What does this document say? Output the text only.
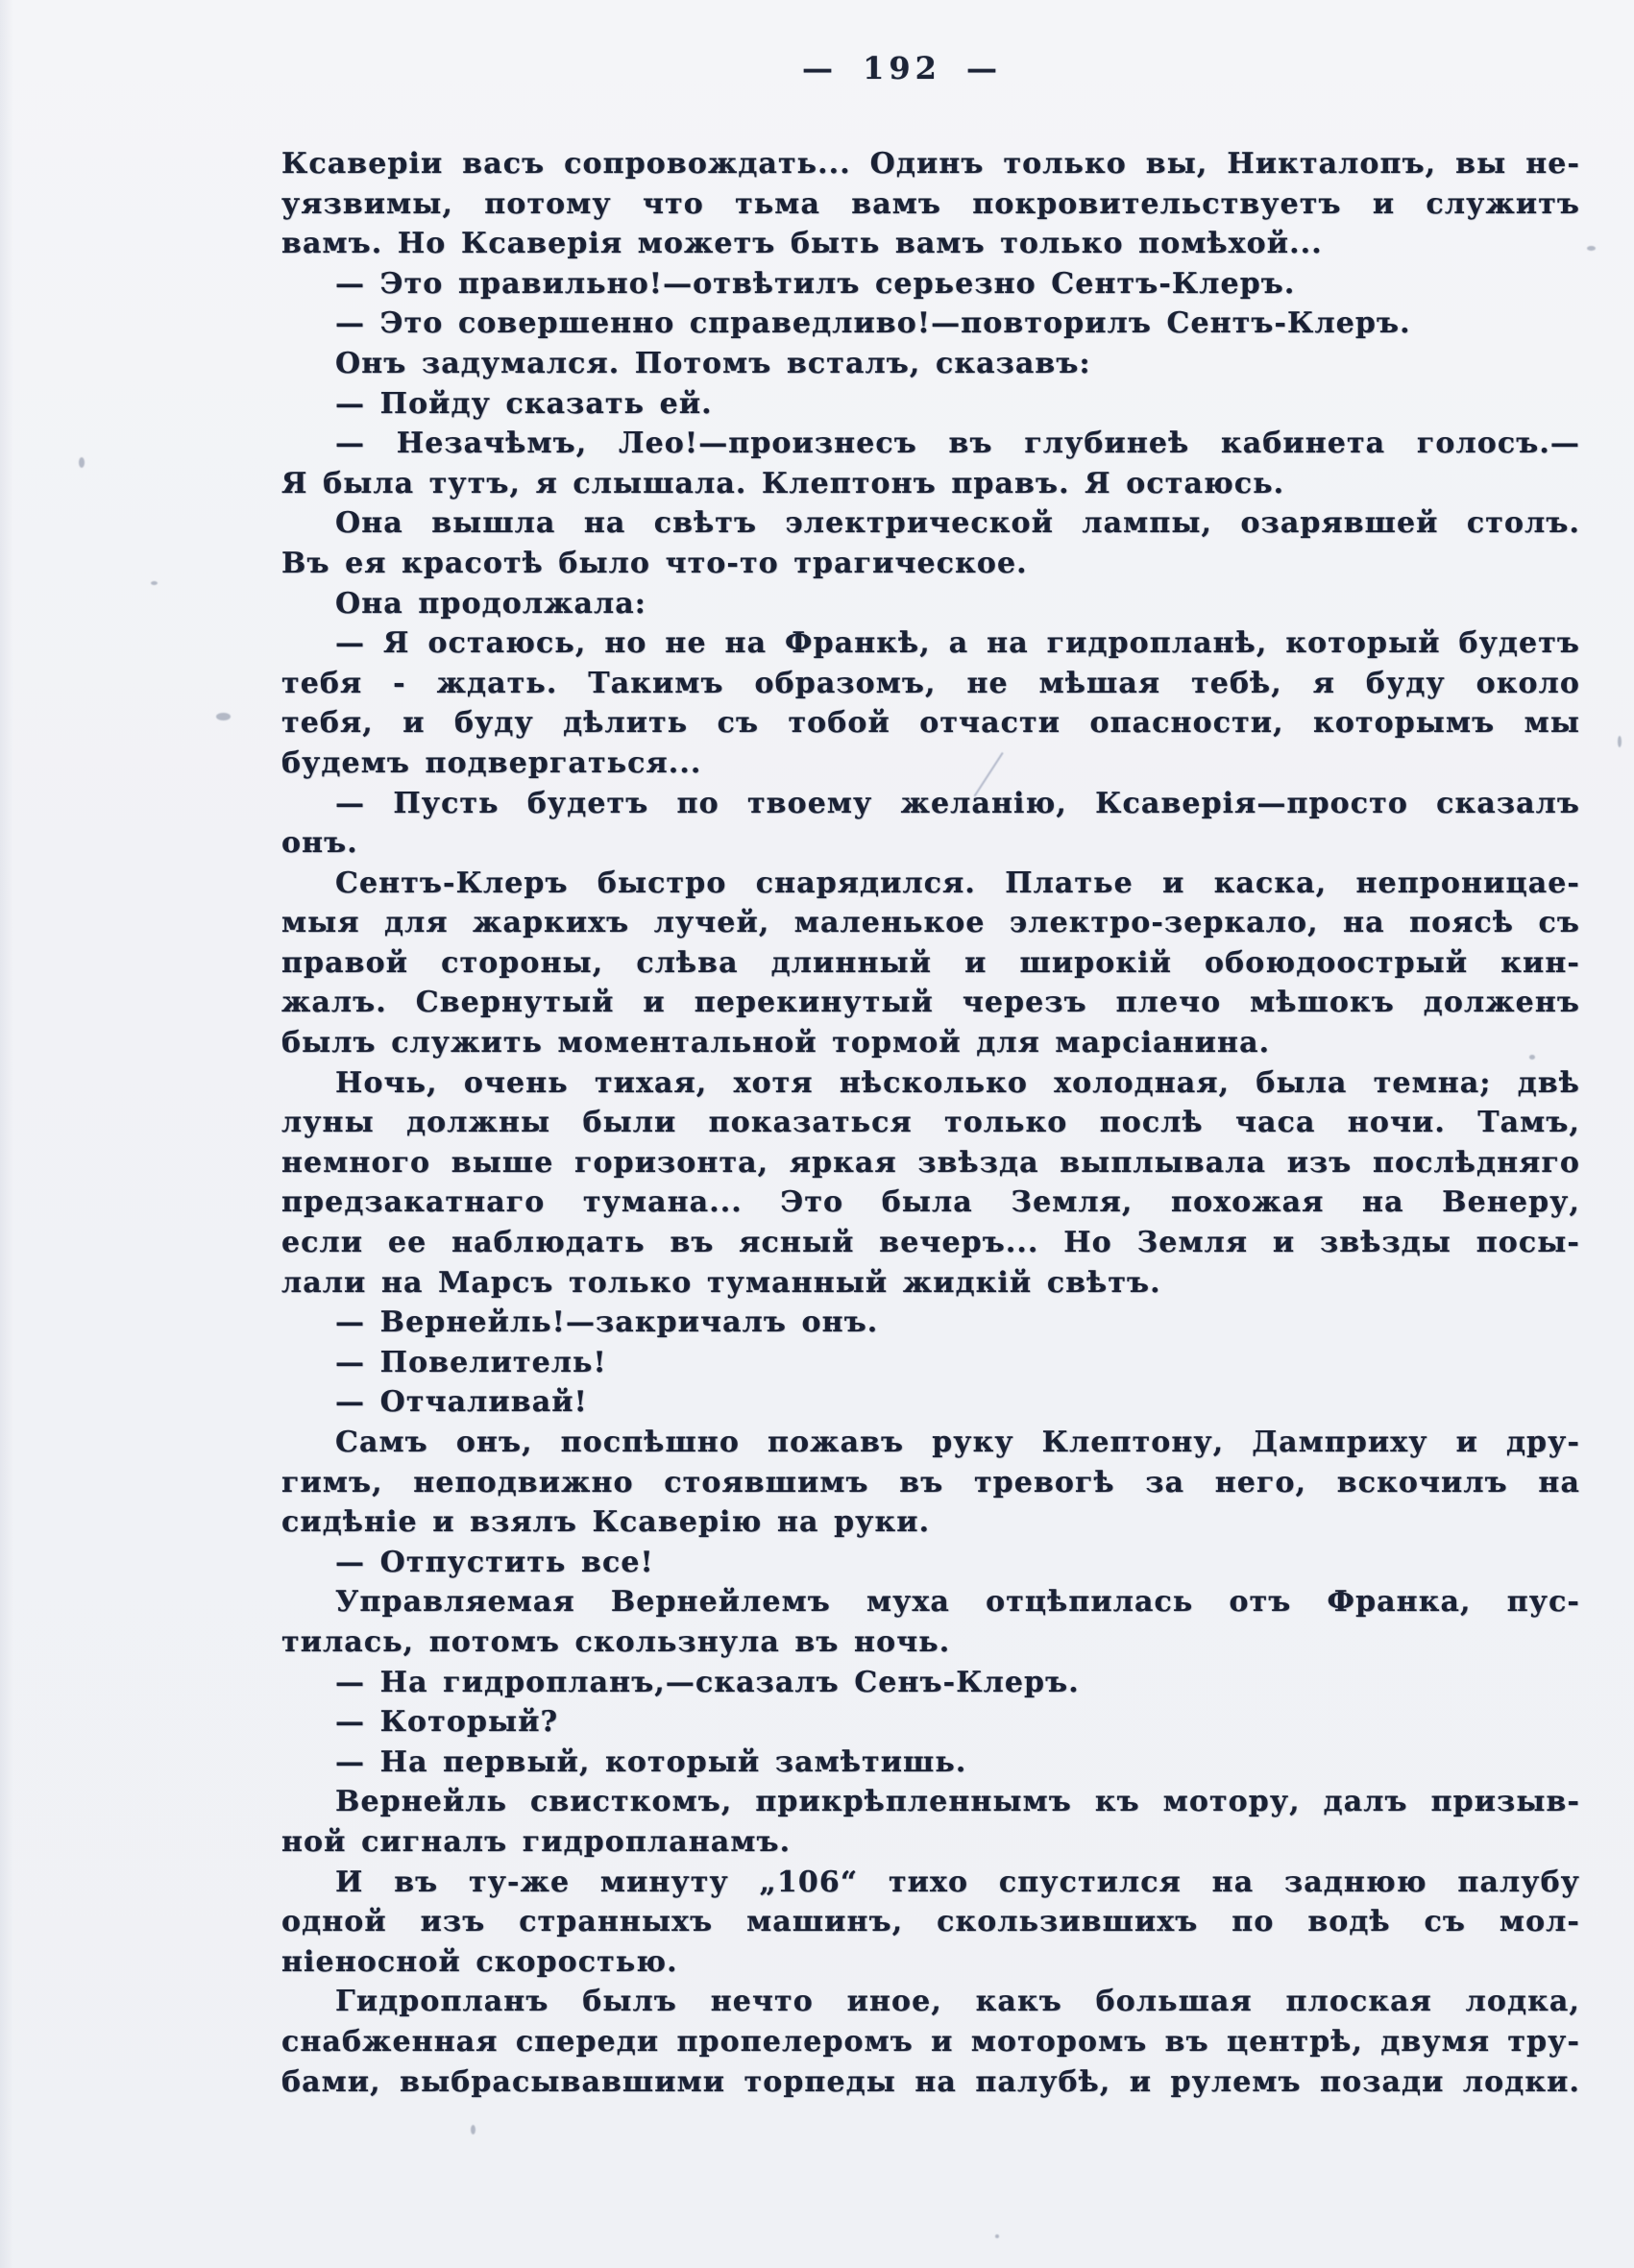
— 192 —
Ксаверіи васъ сопровождать... Одинъ только вы, Никталопъ, вы не-
уязвимы, потому что тьма вамъ покровительствуетъ и служитъ
вамъ. Но Ксаверія можетъ быть вамъ только помѣхой...
— Это правильно!—отвѣтилъ серьезно Сентъ-Клеръ.
— Это совершенно справедливо!—повторилъ Сентъ-Клеръ.
Онъ задумался. Потомъ всталъ, сказавъ:
— Пойду сказать ей.
— Незачѣмъ, Лео!—произнесъ въ глубинеѣ кабинета голосъ.—
Я была тутъ, я слышала. Клептонъ правъ. Я остаюсь.
Она вышла на свѣтъ электрической лампы, озарявшей столъ.
Въ ея красотѣ было что-то трагическое.
Она продолжала:
— Я остаюсь, но не на Франкѣ, а на гидропланѣ, который будетъ
тебя - ждать. Такимъ образомъ, не мѣшая тебѣ, я буду около
тебя, и буду дѣлить съ тобой отчасти опасности, которымъ мы
будемъ подвергаться...
— Пусть будетъ по твоему желанію, Ксаверія—просто сказалъ
онъ.
Сентъ-Клеръ быстро снарядился. Платье и каска, непроницае-
мыя для жаркихъ лучей, маленькое электро-зеркало, на поясѣ съ
правой стороны, слѣва длинный и широкій обоюдоострый кин-
жалъ. Свернутый и перекинутый черезъ плечо мѣшокъ долженъ
былъ служить моментальной тормой для марсіанина.
Ночь, очень тихая, хотя нѣсколько холодная, была темна; двѣ
луны должны были показаться только послѣ часа ночи. Тамъ,
немного выше горизонта, яркая звѣзда выплывала изъ послѣдняго
предзакатнаго тумана... Это была Земля, похожая на Венеру,
если ее наблюдать въ ясный вечеръ... Но Земля и звѣзды посы-
лали на Марсъ только туманный жидкій свѣтъ.
— Вернейль!—закричалъ онъ.
— Повелитель!
— Отчаливай!
Самъ онъ, поспѣшно пожавъ руку Клептону, Дамприху и дру-
гимъ, неподвижно стоявшимъ въ тревогѣ за него, вскочилъ на
сидѣніе и взялъ Ксаверію на руки.
— Отпустить все!
Управляемая Вернейлемъ муха отцѣпилась отъ Франка, пус-
тилась, потомъ скользнула въ ночь.
— На гидропланъ,—сказалъ Сенъ-Клеръ.
— Который?
— На первый, который замѣтишь.
Вернейль свисткомъ, прикрѣпленнымъ къ мотору, далъ призыв-
ной сигналъ гидропланамъ.
И въ ту-же минуту „106“ тихо спустился на заднюю палубу
одной изъ странныхъ машинъ, скользившихъ по водѣ съ мол-
ніеносной скоростью.
Гидропланъ былъ нечто иное, какъ большая плоская лодка,
снабженная спереди пропелеромъ и моторомъ въ центрѣ, двумя тру-
бами, выбрасывавшими торпеды на палубѣ, и рулемъ позади лодки.
